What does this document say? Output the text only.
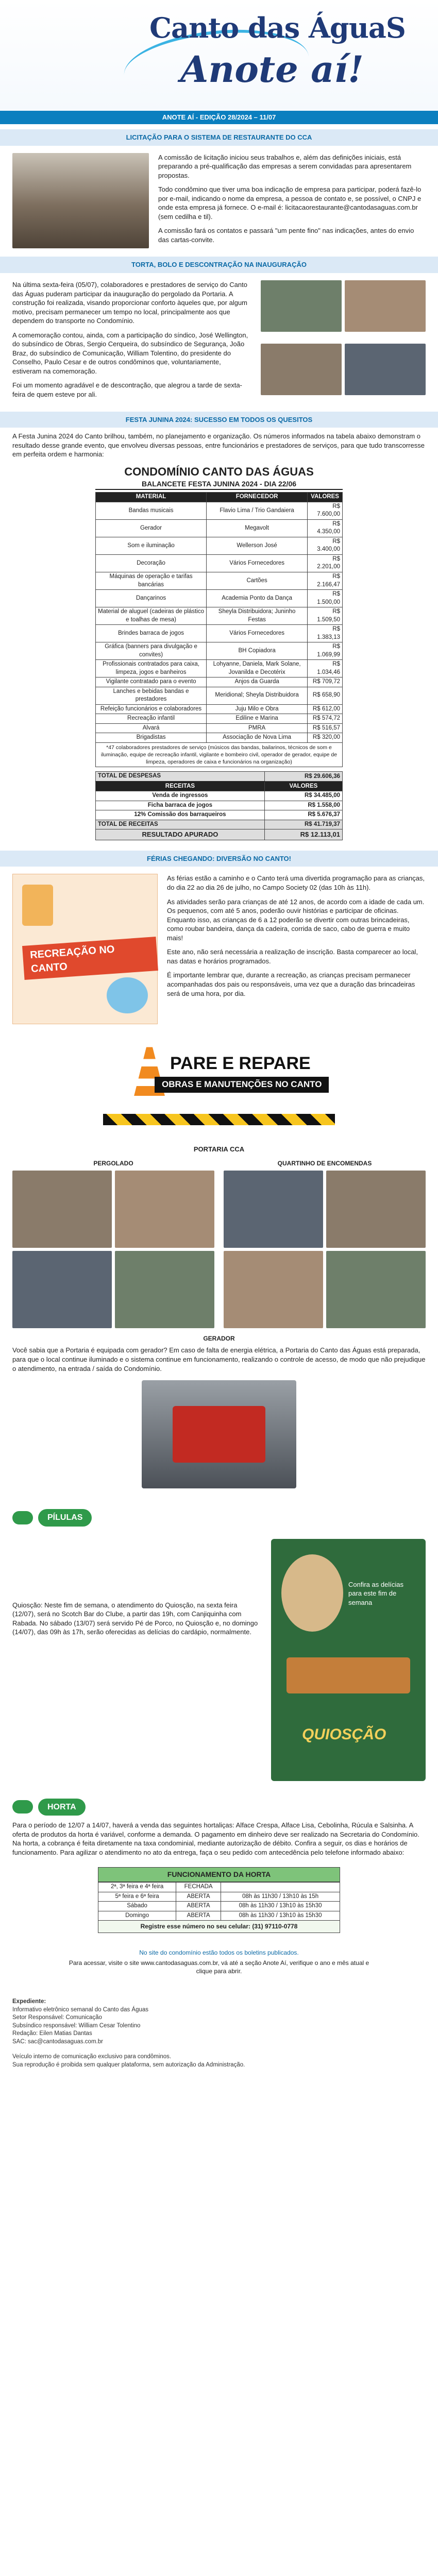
Canto das ÁguaS
Anote aí!
ANOTE AÍ - EDIÇÃO 28/2024 – 11/07
LICITAÇÃO PARA O SISTEMA DE RESTAURANTE DO CCA

A comissão de licitação iniciou seus trabalhos e, além das definições iniciais, está preparando a pré-qualificação das empresas a serem convidadas para apresentarem propostas.

Todo condômino que tiver uma boa indicação de empresa para participar, poderá fazê-lo por e-mail, indicando o nome da empresa, a pessoa de contato e, se possível, o CNPJ e onde esta empresa já fornece. O e-mail é: licitacaorestaurante@cantodasaguas.com.br (sem cedilha e til).

A comissão fará os contatos e passará "um pente fino" nas indicações, antes do envio das cartas-convite.

TORTA, BOLO E DESCONTRAÇÃO NA INAUGURAÇÃO

Na última sexta-feira (05/07), colaboradores e prestadores de serviço do Canto das Águas puderam participar da inauguração do pergolado da Portaria. A construção foi realizada, visando proporcionar conforto àqueles que, por algum motivo, precisam permanecer um tempo no local, principalmente aos que dependem do transporte no Condomínio.

A comemoração contou, ainda, com a participação do síndico, José Wellington, do subsíndico de Obras, Sergio Cerqueira, do subsíndico de Segurança, João Braz, do subsíndico de Comunicação, William Tolentino, do presidente do Conselho, Paulo Cesar e de outros condôminos que, voluntariamente, estiveram na comemoração.

Foi um momento agradável e de descontração, que alegrou a tarde de sexta-feira de quem esteve por ali.

FESTA JUNINA 2024: SUCESSO EM TODOS OS QUESITOS

A Festa Junina 2024 do Canto brilhou, também, no planejamento e organização. Os números informados na tabela abaixo demonstram o resultado desse grande evento, que envolveu diversas pessoas, entre funcionários e prestadores de serviços, para que tudo transcorresse em perfeita ordem e harmonia:

CONDOMÍNIO CANTO DAS ÁGUAS
BALANCETE FESTA JUNINA 2024 - DIA 22/06
MATERIAL	FORNECEDOR	VALORES
Bandas musicais	Flavio Lima / Trio Gandaiera	R$ 7.600,00
Gerador	Megavolt	R$ 4.350,00
Som e iluminação	Wellerson José	R$ 3.400,00
Decoração	Vários Fornecedores	R$ 2.201,00
Máquinas de operação e tarifas bancárias	Cartões	R$ 2.166,47
Dançarinos	Academia Ponto da Dança	R$ 1.500,00
Material de aluguel (cadeiras de plástico e toalhas de mesa)	Sheyla Distribuidora; Juninho Festas	R$ 1.509,50
Brindes barraca de jogos	Vários Fornecedores	R$ 1.383,13
Gráfica (banners para divulgação e convites)	BH Copiadora	R$ 1.069,99
Profissionais contratados para caixa, limpeza, jogos e banheiros	Lohyanne, Daniela, Mark Solane, Jovanilda e Decotérix	R$ 1.034,46
Vigilante contratado para o evento	Anjos da Guarda	R$ 709,72
Lanches e bebidas bandas e prestadores	Meridional; Sheyla Distribuidora	R$ 658,90
Refeição funcionários e colaboradores	Juju Milo e Obra	R$ 612,00
Recreação infantil	Ediline e Marina	R$ 574,72
Alvará	PMRA	R$ 516,57
Brigadistas	Associação de Nova Lima	R$ 320,00
*47 colaboradores prestadores de serviço (músicos das bandas, bailarinos, técnicos de som e iluminação, equipe de recreação infantil, vigilante e bombeiro civil, operador de gerador, equipe de limpeza, operadores de caixa e funcionários na organização)
TOTAL DE DESPESAS	R$ 29.606,36
RECEITAS	VALORES
Venda de ingressos	R$ 34.485,00
Ficha barraca de jogos	R$ 1.558,00
12% Comissão dos barraqueiros	R$ 5.676,37
TOTAL DE RECEITAS	R$ 41.719,37
RESULTADO APURADO	R$ 12.113,01
FÉRIAS CHEGANDO: DIVERSÃO NO CANTO!
RECREAÇÃO NO CANTO

As férias estão a caminho e o Canto terá uma divertida programação para as crianças, do dia 22 ao dia 26 de julho, no Campo Society 02 (das 10h às 11h).

As atividades serão para crianças de até 12 anos, de acordo com a idade de cada um. Os pequenos, com até 5 anos, poderão ouvir histórias e participar de oficinas. Enquanto isso, as crianças de 6 a 12 poderão se divertir com outras brincadeiras, como roubar bandeira, dança da cadeira, corrida de saco, cabo de guerra e muito mais!

Este ano, não será necessária a realização de inscrição. Basta comparecer ao local, nas datas e horários programados.

É importante lembrar que, durante a recreação, as crianças precisam permanecer acompanhadas dos pais ou responsáveis, uma vez que a duração das brincadeiras será de uma hora, por dia.

PARE E REPARE
OBRAS E MANUTENÇÕES NO CANTO
PORTARIA CCA
PERGOLADO	QUARTINHO DE ENCOMENDAS
GERADOR
Você sabia que a Portaria é equipada com gerador? Em caso de falta de energia elétrica, a Portaria do Canto das Águas está preparada, para que o local continue iluminado e o sistema continue em funcionamento, realizando o controle de acesso, de modo que não prejudique o atendimento, na entrada / saída do Condomínio.
PÍLULAS

Quiosção: Neste fim de semana, o atendimento do Quiosção, na sexta feira (12/07), será no Scotch Bar do Clube, a partir das 19h, com Canjiquinha com Rabada. No sábado (13/07) será servido Pé de Porco, no Quiosção e, no domingo (14/07), das 09h às 17h, serão oferecidas as delícias do cardápio, normalmente.

Confira as delícias para este fim de semana
QUIOSÇÃO
HORTA
Para o período de 12/07 a 14/07, haverá a venda das seguintes hortaliças: Alface Crespa, Alface Lisa, Cebolinha, Rúcula e Salsinha. A oferta de produtos da horta é variável, conforme a demanda. O pagamento em dinheiro deve ser realizado na Secretaria do Condomínio. Na horta, a cobrança é feita diretamente na taxa condominial, mediante autorização de débito. Confira a seguir, os dias e horários de funcionamento. Para agilizar o atendimento no ato da entrega, faça o seu pedido com antecedência pelo telefone informado abaixo:
FUNCIONAMENTO DA HORTA
2ª, 3ª feira e 4ª feira	FECHADA	
5ª feira e 6ª feira	ABERTA	08h às 11h30 / 13h10 às 15h
Sábado	ABERTA	08h às 11h30 / 13h10 às 15h30
Domingo	ABERTA	08h às 11h30 / 13h10 às 15h30
Registre esse número no seu celular: (31) 97110-0778
No site do condomínio estão todos os boletins publicados.
Para acessar, visite o site www.cantodasaguas.com.br, vá até a seção Anote Aí, verifique o ano e mês atual e clique para abrir.
Expediente:
Informativo eletrônico semanal do Canto das Águas
Setor Responsável: Comunicação
Subsíndico responsável: William Cesar Tolentino
Redação: Eilen Matias Dantas
SAC: sac@cantodasaguas.com.br
Veículo interno de comunicação exclusivo para condôminos.
Sua reprodução é proibida sem qualquer plataforma, sem autorização da Administração.
